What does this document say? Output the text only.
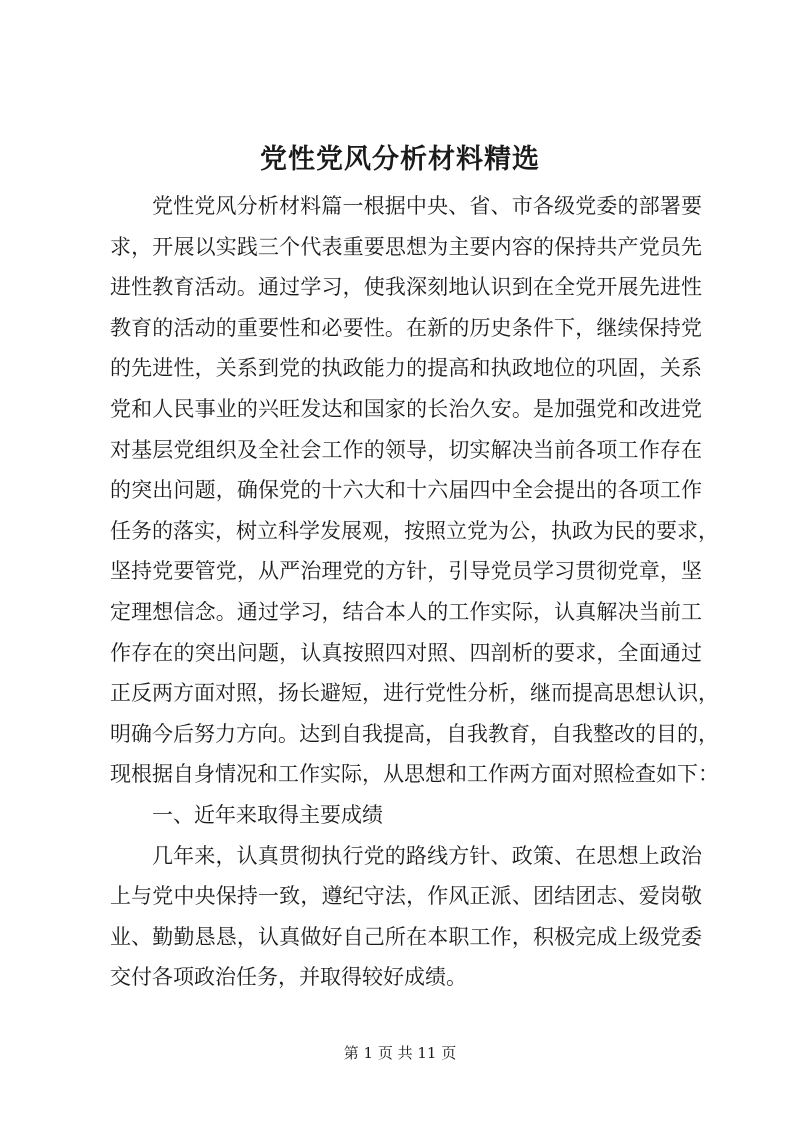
党性党风分析材料精选
党性党风分析材料篇一根据中央、省、市各级党委的部署要
求，开展以实践三个代表重要思想为主要内容的保持共产党员先
进性教育活动。通过学习，使我深刻地认识到在全党开展先进性
教育的活动的重要性和必要性。在新的历史条件下，继续保持党
的先进性，关系到党的执政能力的提高和执政地位的巩固，关系
党和人民事业的兴旺发达和国家的长治久安。是加强党和改进党
对基层党组织及全社会工作的领导，切实解决当前各项工作存在
的突出问题，确保党的十六大和十六届四中全会提出的各项工作
任务的落实，树立科学发展观，按照立党为公，执政为民的要求，
坚持党要管党，从严治理党的方针，引导党员学习贯彻党章，坚
定理想信念。通过学习，结合本人的工作实际，认真解决当前工
作存在的突出问题，认真按照四对照、四剖析的要求，全面通过
正反两方面对照，扬长避短，进行党性分析，继而提高思想认识，
明确今后努力方向。达到自我提高，自我教育，自我整改的目的，
现根据自身情况和工作实际，从思想和工作两方面对照检查如下：
一、近年来取得主要成绩
几年来，认真贯彻执行党的路线方针、政策、在思想上政治
上与党中央保持一致，遵纪守法，作风正派、团结团志、爱岗敬
业、勤勤恳恳，认真做好自己所在本职工作，积极完成上级党委
交付各项政治任务，并取得较好成绩。
第 1 页 共 11 页
